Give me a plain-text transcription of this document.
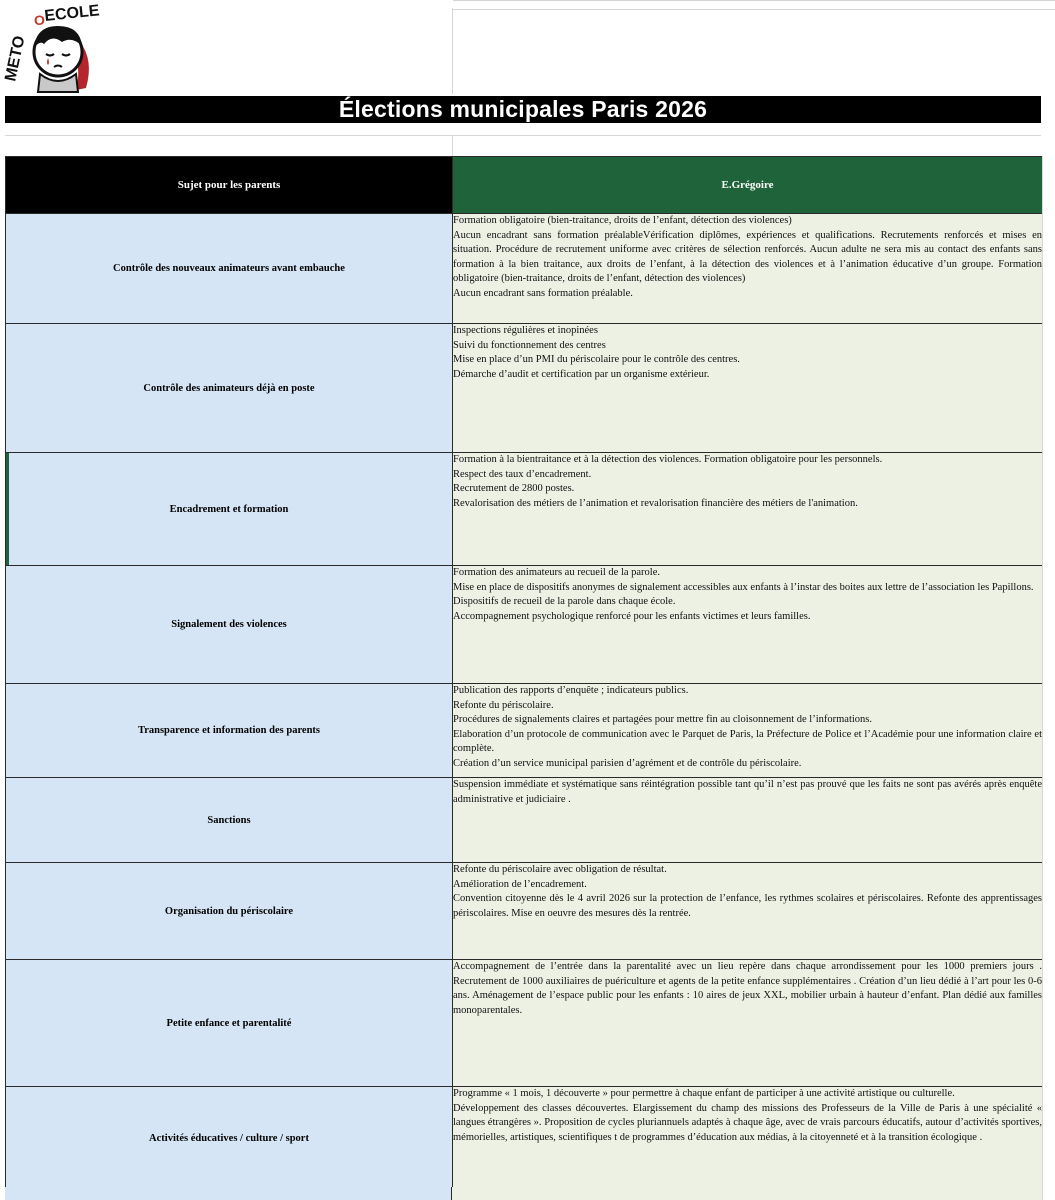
METO
O
ECOLE
Élections municipales Paris 2026
Sujet pour les parents	E.Grégoire
Contrôle des nouveaux animateurs avant embauche	Formation obligatoire (bien-traitance, droits de l’enfant, détection des violences)

Aucun encadrant sans formation préalableVérification diplômes, expériences et qualifications. Recrutements renforcés et mises en situation. Procédure de recrutement uniforme avec critères de sélection renforcés. Aucun adulte ne sera mis au contact des enfants sans formation à la bien traitance, aux droits de l’enfant, à la détection des violences et à l’animation éducative d’un groupe. Formation obligatoire (bien-traitance, droits de l’enfant, détection des violences)

Aucun encadrant sans formation préalable.

Contrôle des animateurs déjà en poste	Inspections régulières et inopinées

Suivi du fonctionnement des centres

Mise en place d’un PMI du périscolaire pour le contrôle des centres.

Démarche d’audit et certification par un organisme extérieur.

Encadrement et formation	Formation à la bientraitance et à la détection des violences. Formation obligatoire pour les personnels.

Respect des taux d’encadrement.

Recrutement de 2800 postes.

Revalorisation des métiers de l’animation et revalorisation financière des métiers de l'animation.

Signalement des violences	Formation des animateurs au recueil de la parole.

Mise en place de dispositifs anonymes de signalement accessibles aux enfants à l’instar des boites aux lettre de l’association les Papillons.

Dispositifs de recueil de la parole dans chaque école.

Accompagnement psychologique renforcé pour les enfants victimes et leurs familles.

Transparence et information des parents	Publication des rapports d’enquête ; indicateurs publics.

Refonte du périscolaire.

Procédures de signalements claires et partagées pour mettre fin au cloisonnement de l’informations.

Elaboration d’un protocole de communication avec le Parquet de Paris, la Préfecture de Police et l’Académie pour une information claire et complète.

Création d’un service municipal parisien d’agrément et de contrôle du périscolaire.

Sanctions	Suspension immédiate et systématique sans réintégration possible tant qu’il n’est pas prouvé que les faits ne sont pas avérés après enquête administrative et judiciaire .

Organisation du périscolaire	Refonte du périscolaire avec obligation de résultat.

Amélioration de l’encadrement.

Convention citoyenne dès le 4 avril 2026 sur la protection de l’enfance, les rythmes scolaires et périscolaires. Refonte des apprentissages périscolaires. Mise en oeuvre des mesures dès la rentrée.

Petite enfance et parentalité	Accompagnement de l’entrée dans la parentalité avec un lieu repère dans chaque arrondissement pour les 1000 premiers jours . Recrutement de 1000 auxiliaires de puériculture et agents de la petite enfance supplémentaires . Création d’un lieu dédié à l’art pour les 0-6 ans. Aménagement de l’espace public pour les enfants : 10 aires de jeux XXL, mobilier urbain à hauteur d’enfant. Plan dédié aux familles monoparentales.

Activités éducatives / culture / sport	Programme « 1 mois, 1 découverte » pour permettre à chaque enfant de participer à une activité artistique ou culturelle.

Développement des classes découvertes. Elargissement du champ des missions des Professeurs de la Ville de Paris à une spécialité « langues étrangères ». Proposition de cycles pluriannuels adaptés à chaque âge, avec de vrais parcours éducatifs, autour d’activités sportives, mémorielles, artistiques, scientifiques t de programmes d’éducation aux médias, à la citoyenneté et à la transition écologique .
